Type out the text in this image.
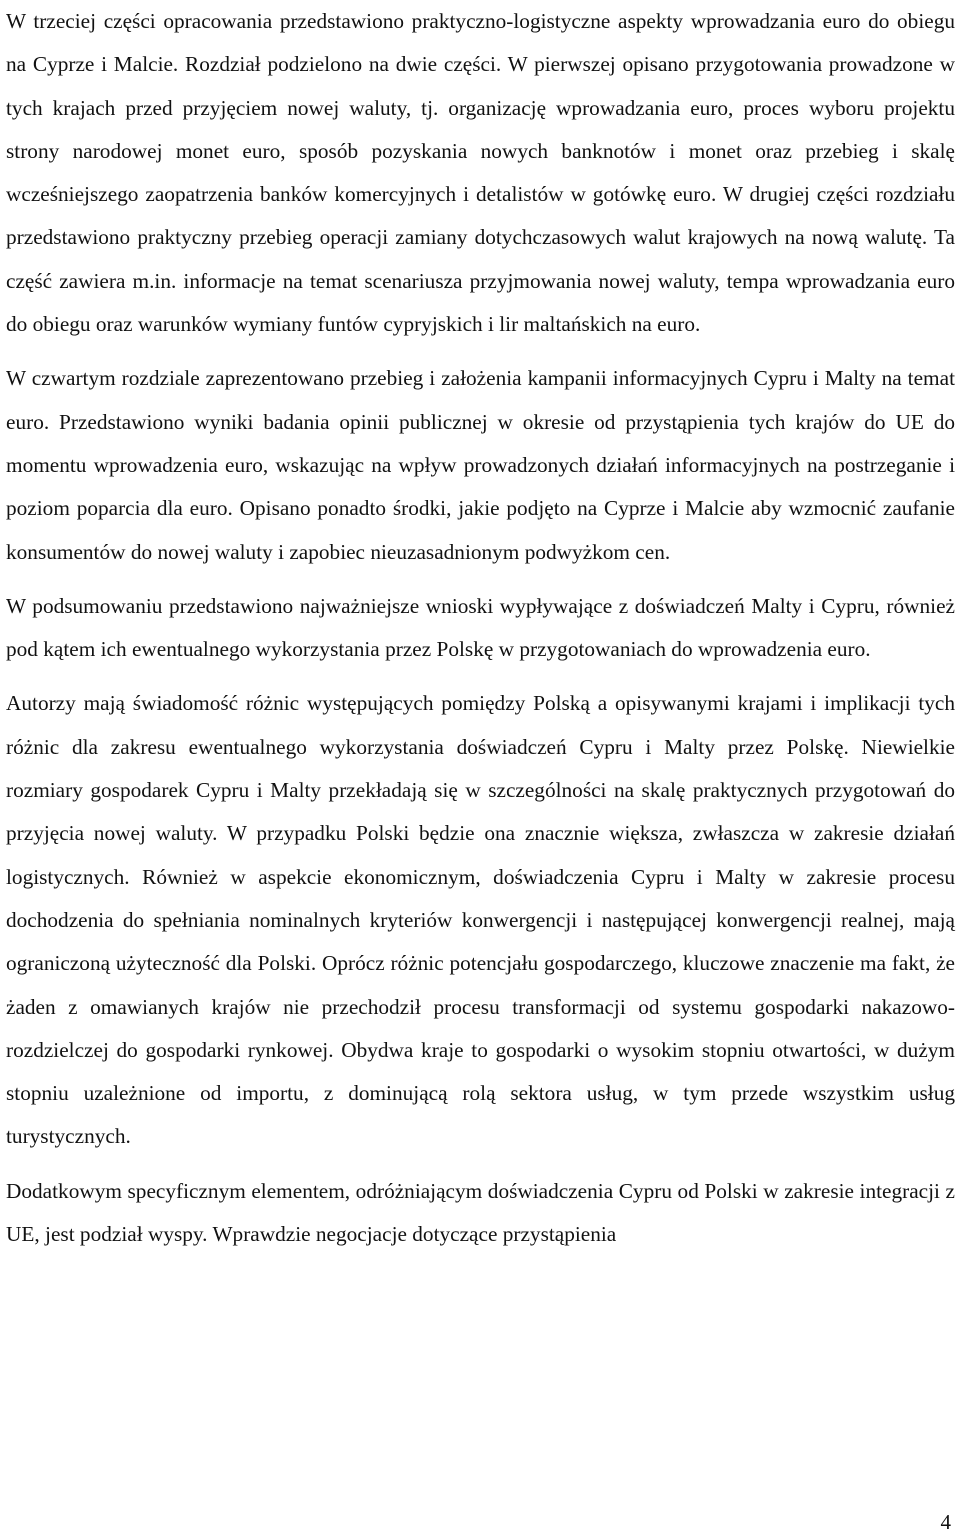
W trzeciej części opracowania przedstawiono praktyczno-logistyczne aspekty wprowadzania euro do obiegu na Cyprze i Malcie. Rozdział podzielono na dwie części. W pierwszej opisano przygotowania prowadzone w tych krajach przed przyjęciem nowej waluty, tj. organizację wprowadzania euro, proces wyboru projektu strony narodowej monet euro, sposób pozyskania nowych banknotów i monet oraz przebieg i skalę wcześniejszego zaopatrzenia banków komercyjnych i detalistów w gotówkę euro. W drugiej części rozdziału przedstawiono praktyczny przebieg operacji zamiany dotychczasowych walut krajowych na nową walutę. Ta część zawiera m.in. informacje na temat scenariusza przyjmowania nowej waluty, tempa wprowadzania euro do obiegu oraz warunków wymiany funtów cypryjskich i lir maltańskich na euro.

W czwartym rozdziale zaprezentowano przebieg i założenia kampanii informacyjnych Cypru i Malty na temat euro. Przedstawiono wyniki badania opinii publicznej w okresie od przystąpienia tych krajów do UE do momentu wprowadzenia euro, wskazując na wpływ prowadzonych działań informacyjnych na postrzeganie i poziom poparcia dla euro. Opisano ponadto środki, jakie podjęto na Cyprze i Malcie aby wzmocnić zaufanie konsumentów do nowej waluty i zapobiec nieuzasadnionym podwyżkom cen.

W podsumowaniu przedstawiono najważniejsze wnioski wypływające z doświadczeń Malty i Cypru, również pod kątem ich ewentualnego wykorzystania przez Polskę w przygotowaniach do wprowadzenia euro.

Autorzy mają świadomość różnic występujących pomiędzy Polską a opisywanymi krajami i implikacji tych różnic dla zakresu ewentualnego wykorzystania doświadczeń Cypru i Malty przez Polskę. Niewielkie rozmiary gospodarek Cypru i Malty przekładają się w szczególności na skalę praktycznych przygotowań do przyjęcia nowej waluty. W przypadku Polski będzie ona znacznie większa, zwłaszcza w zakresie działań logistycznych. Również w aspekcie ekonomicznym, doświadczenia Cypru i Malty w zakresie procesu dochodzenia do spełniania nominalnych kryteriów konwergencji i następującej konwergencji realnej, mają ograniczoną użyteczność dla Polski. Oprócz różnic potencjału gospodarczego, kluczowe znaczenie ma fakt, że żaden z omawianych krajów nie przechodził procesu transformacji od systemu gospodarki nakazowo-rozdzielczej do gospodarki rynkowej. Obydwa kraje to gospodarki o wysokim stopniu otwartości, w dużym stopniu uzależnione od importu, z dominującą rolą sektora usług, w tym przede wszystkim usług turystycznych.

Dodatkowym specyficznym elementem, odróżniającym doświadczenia Cypru od Polski w zakresie integracji z UE, jest podział wyspy. Wprawdzie negocjacje dotyczące przystąpienia

4
